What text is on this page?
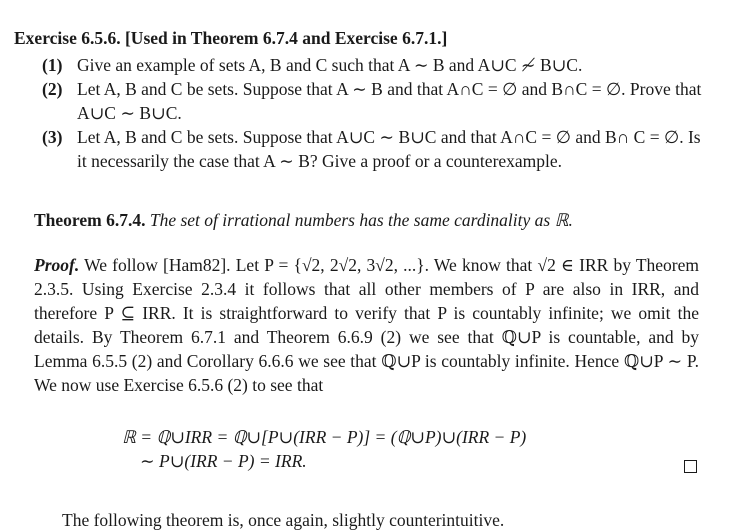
Exercise 6.5.6. [Used in Theorem 6.7.4 and Exercise 6.7.1.]
(1) Give an example of sets A, B and C such that A ∼ B and A∪C ≁ B∪C.
(2) Let A, B and C be sets. Suppose that A ∼ B and that A∩C = ∅ and B∩C = ∅. Prove that A∪C ∼ B∪C.
(3) Let A, B and C be sets. Suppose that A∪C ∼ B∪C and that A∩C = ∅ and B∩ C = ∅. Is it necessarily the case that A ∼ B? Give a proof or a counterexample.
Theorem 6.7.4. The set of irrational numbers has the same cardinality as ℝ.
Proof. We follow [Ham82]. Let P = {√2, 2√2, 3√2, ...}. We know that √2 ∈ IRR by Theorem 2.3.5. Using Exercise 2.3.4 it follows that all other members of P are also in IRR, and therefore P ⊆ IRR. It is straightforward to verify that P is countably infinite; we omit the details. By Theorem 6.7.1 and Theorem 6.6.9 (2) we see that ℚ∪P is countable, and by Lemma 6.5.5 (2) and Corollary 6.6.6 we see that ℚ∪P is countably infinite. Hence ℚ∪P ∼ P. We now use Exercise 6.5.6 (2) to see that
ℝ = ℚ∪IRR = ℚ∪[P∪(IRR − P)] = (ℚ∪P)∪(IRR − P)
∼ P∪(IRR − P) = IRR.
The following theorem is, once again, slightly counterintuitive.
